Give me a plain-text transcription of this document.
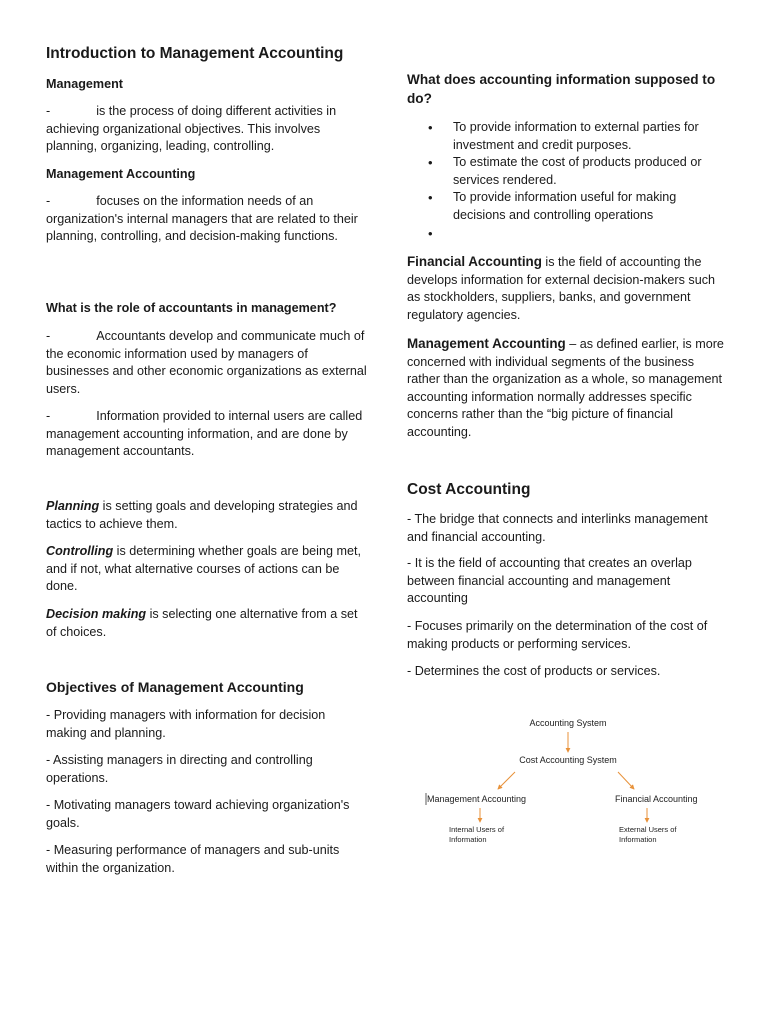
Introduction to Management Accounting
Management
-	is the process of doing different activities in achieving organizational objectives. This involves planning, organizing, leading, controlling.
Management Accounting
-	focuses on the information needs of an organization's internal managers that are related to their planning, controlling, and decision-making functions.
What is the role of accountants in management?
-	Accountants develop and communicate much of the economic information used by managers of businesses and other economic organizations as external users.
-	Information provided to internal users are called management accounting information, and are done by management accountants.
Planning is setting goals and developing strategies and tactics to achieve them.
Controlling is determining whether goals are being met, and if not, what alternative courses of actions can be done.
Decision making is selecting one alternative from a set of choices.
Objectives of Management Accounting
- Providing managers with information for decision making and planning.
- Assisting managers in directing and controlling operations.
- Motivating managers toward achieving organization's goals.
- Measuring performance of managers and sub-units within the organization.
What does accounting information supposed to do?
• To provide information to external parties for investment and credit purposes.
• To estimate the cost of products produced or services rendered.
• To provide information useful for making decisions and controlling operations
•
Financial Accounting is the field of accounting the develops information for external decision-makers such as stockholders, suppliers, banks, and government regulatory agencies.
Management Accounting – as defined earlier, is more concerned with individual segments of the business rather than the organization as a whole, so management accounting information normally addresses specific concerns rather than the “big picture of financial accounting.
Cost Accounting
- The bridge that connects and interlinks management and financial accounting.
- It is the field of accounting that creates an overlap between financial accounting and management accounting
- Focuses primarily on the determination of the cost of making products or performing services.
- Determines the cost of products or services.
Accounting System
Cost Accounting System
Management Accounting	Financial Accounting
Internal Users of
Information
External Users of
Information
